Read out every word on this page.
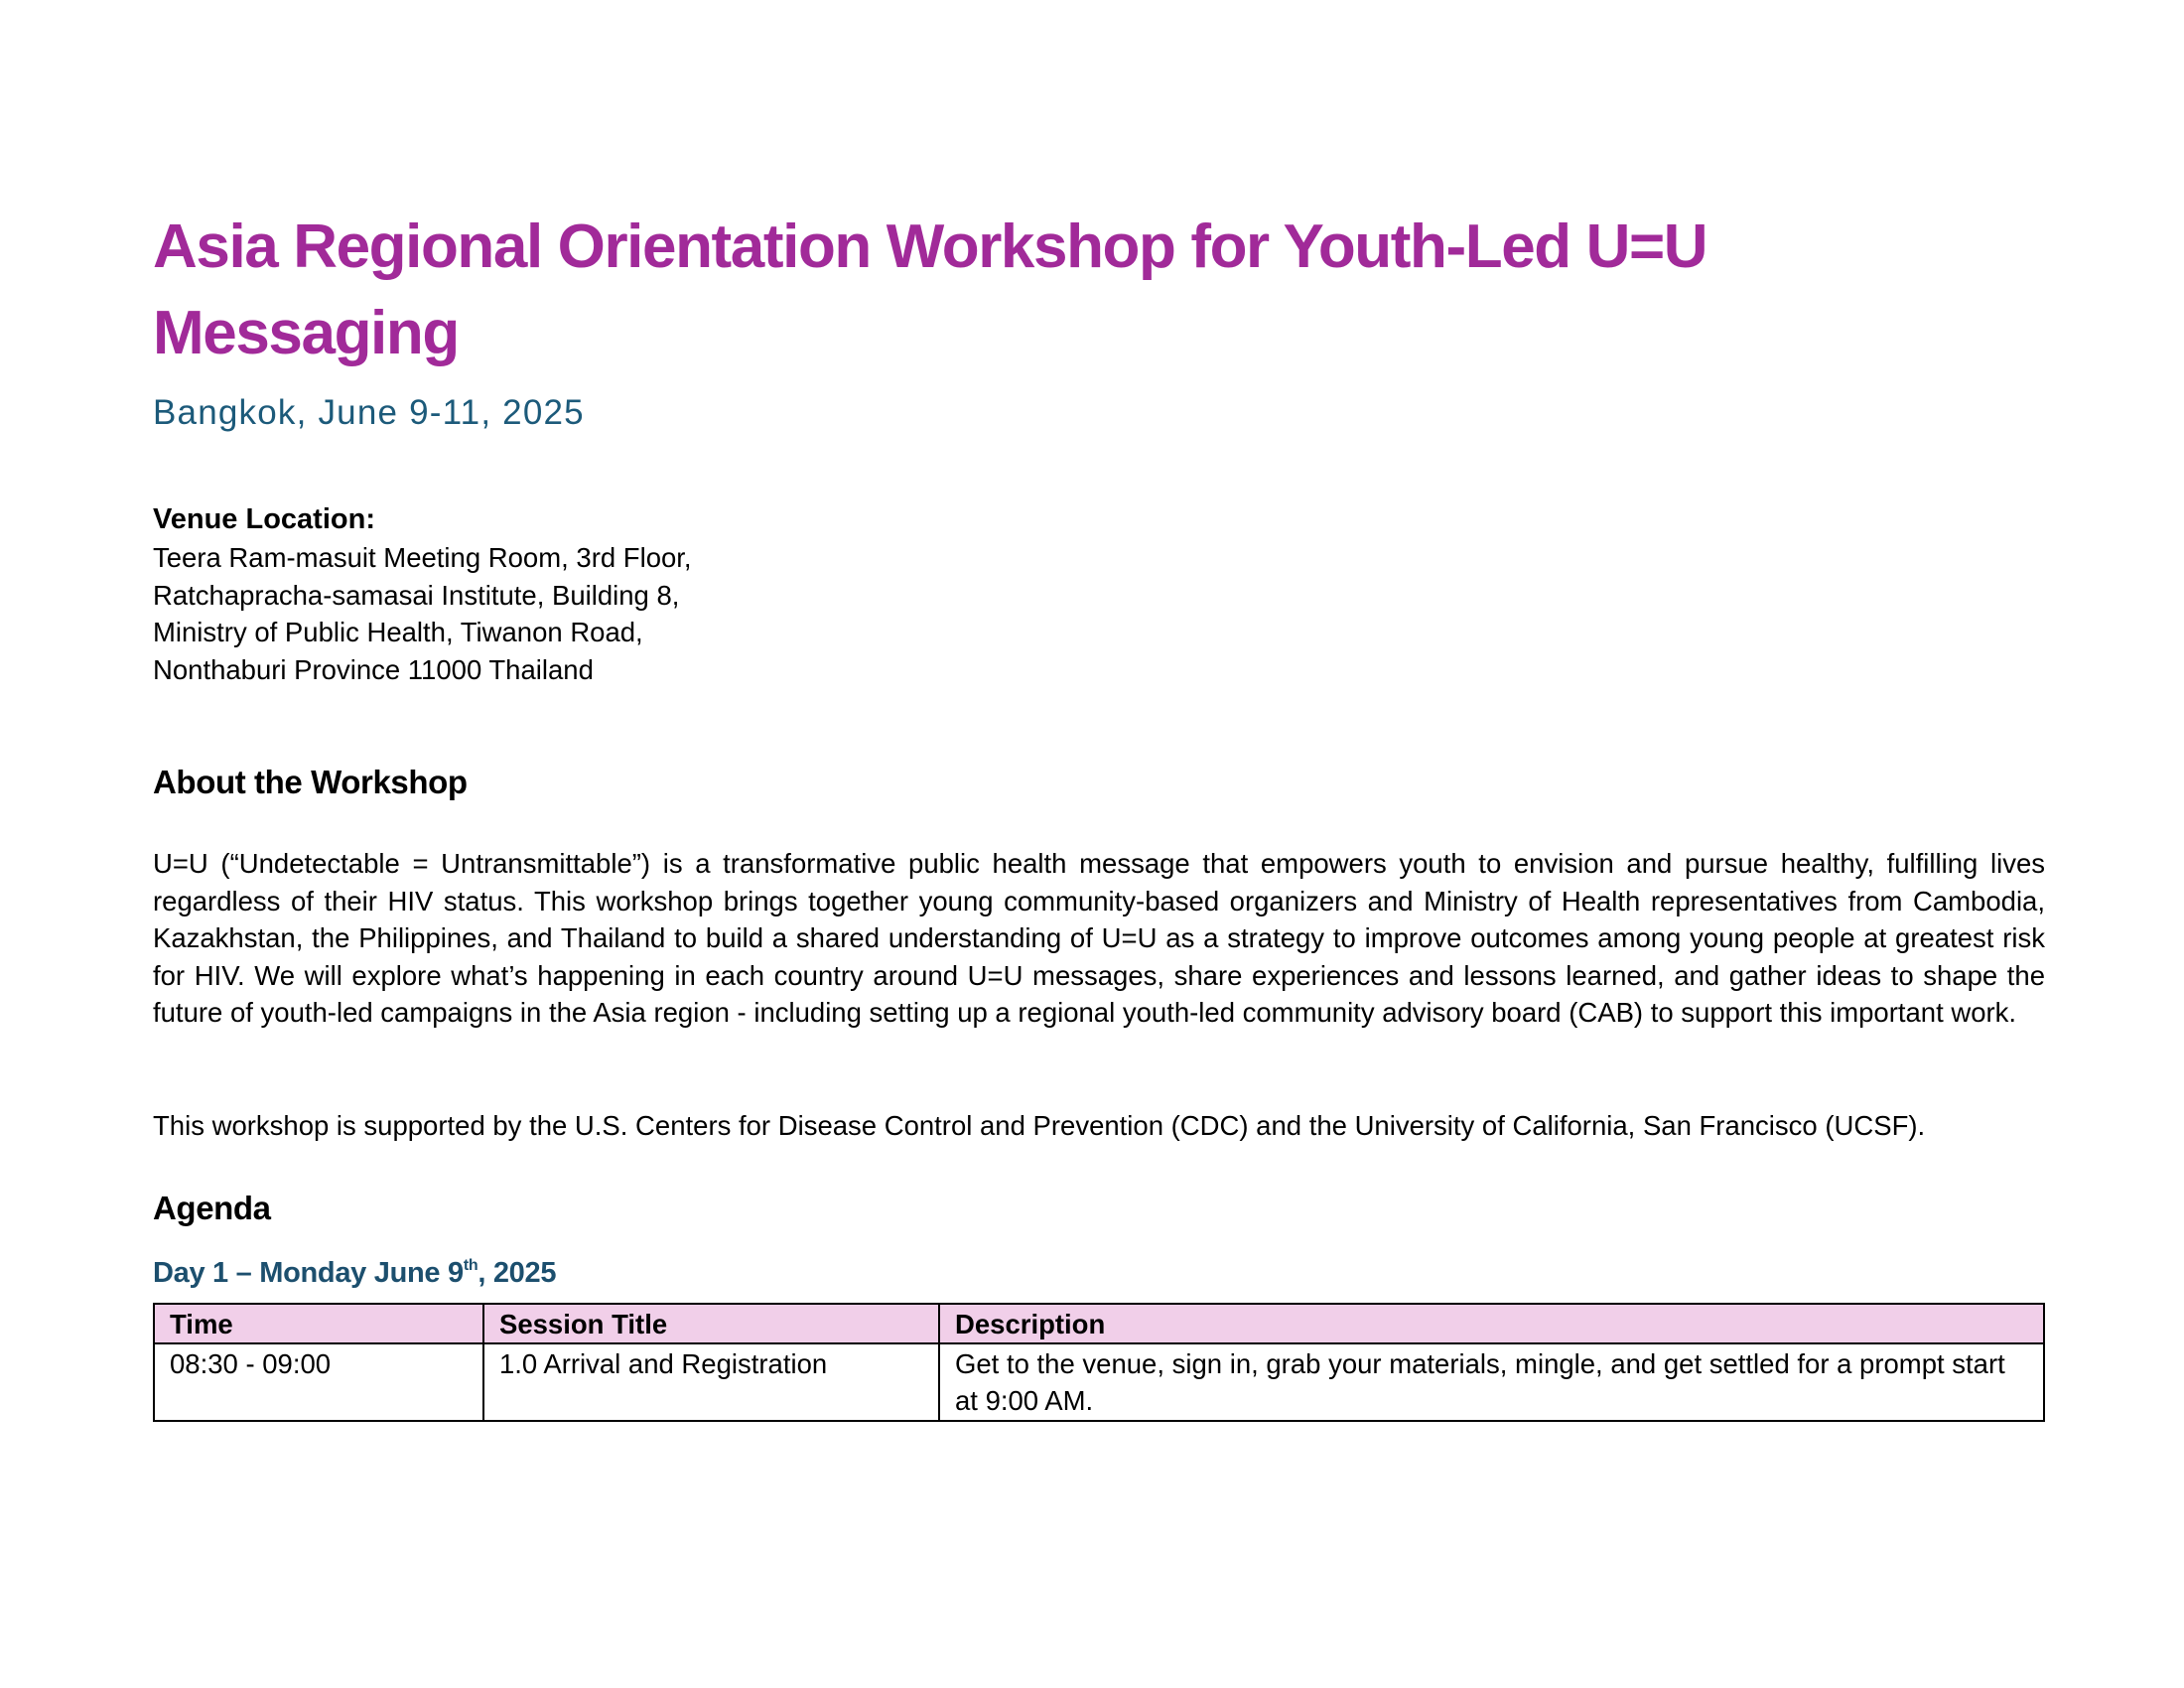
Asia Regional Orientation Workshop for Youth-Led U=U
Messaging
Bangkok, June 9-11, 2025
Venue Location:
Teera Ram-masuit Meeting Room, 3rd Floor,
Ratchapracha-samasai Institute, Building 8,
Ministry of Public Health, Tiwanon Road,
Nonthaburi Province 11000 Thailand
About the Workshop
U=U (“Undetectable = Untransmittable”) is a transformative public health message that empowers youth to envision and pursue healthy, fulfilling lives regardless of their HIV status. This workshop brings together young community-based organizers and Ministry of Health representatives from Cambodia, Kazakhstan, the Philippines, and Thailand to build a shared understanding of U=U as a strategy to improve outcomes among young people at greatest risk for HIV. We will explore what’s happening in each country around U=U messages, share experiences and lessons learned, and gather ideas to shape the future of youth-led campaigns in the Asia region - including setting up a regional youth-led community advisory board (CAB) to support this important work.
This workshop is supported by the U.S. Centers for Disease Control and Prevention (CDC) and the University of California, San Francisco (UCSF).
Agenda
Day 1 – Monday June 9th, 2025
Time	Session Title	Description
08:30 - 09:00	1.0 Arrival and Registration	Get to the venue, sign in, grab your materials, mingle, and get settled for a prompt start at 9:00 AM.
